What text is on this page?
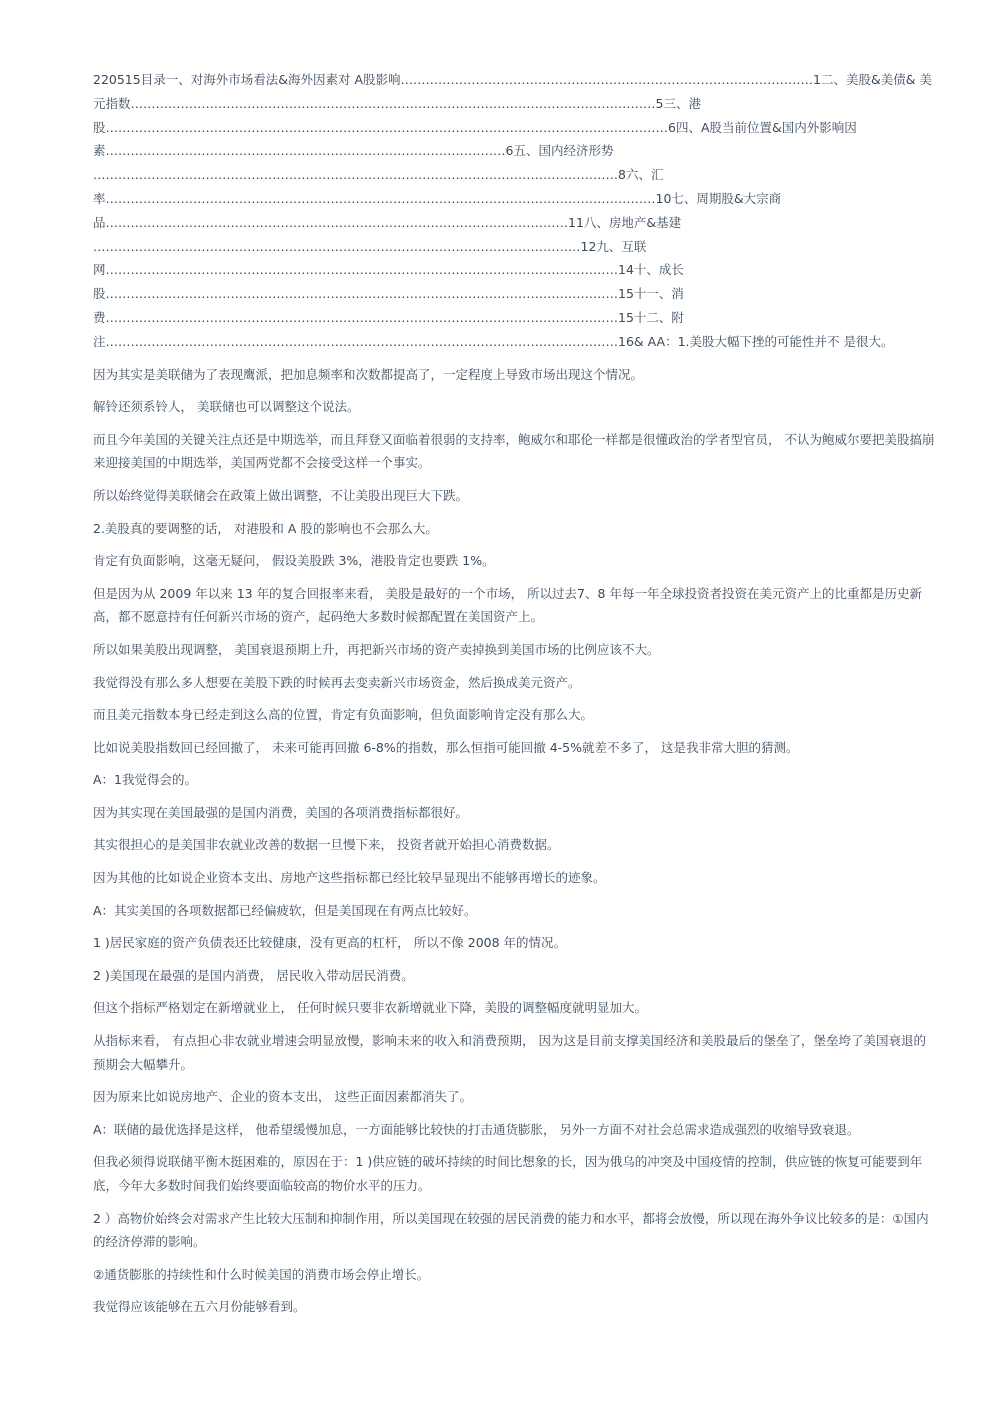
220515目录一、对海外市场看法&海外因素对 A股影响………………………………………………………………………………………1二、美股&美债& 美元指数………………………………………………………………………………………………………………5三、港 股………………………………………………………………………………………………………………………6四、A股当前位置&国内外影响因 素……………………………………………………………………………………6五、国内经济形势 ………………………………………………………………………………………………………………8六、汇 率……………………………………………………………………………………………………………………10七、周期股&大宗商 品…………………………………………………………………………………………………11八、房地产&基建 ………………………………………………………………………………………………………12九、互联 网……………………………………………………………………………………………………………14十、成长 股……………………………………………………………………………………………………………15十一、消 费……………………………………………………………………………………………………………15十二、附 注……………………………………………………………………………………………………………16& AA：1.美股大幅下挫的可能性并不 是很大。

因为其实是美联储为了表现鹰派，把加息频率和次数都提高了，一定程度上导致市场出现这个情况。

解铃还须系铃人， 美联储也可以调整这个说法。

而且今年美国的关键关注点还是中期选举，而且拜登又面临着很弱的支持率，鲍威尔和耶伦一样都是很懂政治的学者型官员， 不认为鲍威尔要把美股搞崩来迎接美国的中期选举，美国两党都不会接受这样一个事实。

所以始终觉得美联储会在政策上做出调整，不让美股出现巨大下跌。

2.美股真的要调整的话， 对港股和 A 股的影响也不会那么大。

肯定有负面影响，这毫无疑问， 假设美股跌 3%，港股肯定也要跌 1%。

但是因为从 2009 年以来 13 年的复合回报率来看， 美股是最好的一个市场， 所以过去7、8 年每一年全球投资者投资在美元资产上的比重都是历史新高，都不愿意持有任何新兴市场的资产，起码绝大多数时候都配置在美国资产上。

所以如果美股出现调整， 美国衰退预期上升，再把新兴市场的资产卖掉换到美国市场的比例应该不大。

我觉得没有那么多人想要在美股下跌的时候再去变卖新兴市场资金，然后换成美元资产。

而且美元指数本身已经走到这么高的位置，肯定有负面影响，但负面影响肯定没有那么大。

比如说美股指数回已经回撤了， 未来可能再回撤 6-8%的指数，那么恒指可能回撤 4-5%就差不多了， 这是我非常大胆的猜测。

A：1我觉得会的。

因为其实现在美国最强的是国内消费，美国的各项消费指标都很好。

其实很担心的是美国非农就业改善的数据一旦慢下来， 投资者就开始担心消费数据。

因为其他的比如说企业资本支出、房地产这些指标都已经比较早显现出不能够再增长的迹象。

A：其实美国的各项数据都已经偏疲软，但是美国现在有两点比较好。

1 )居民家庭的资产负债表还比较健康，没有更高的杠杆， 所以不像 2008 年的情况。

2 )美国现在最强的是国内消费， 居民收入带动居民消费。

但这个指标严格划定在新增就业上， 任何时候只要非农新增就业下降，美股的调整幅度就明显加大。

从指标来看， 有点担心非农就业增速会明显放慢，影响未来的收入和消费预期， 因为这是目前支撑美国经济和美股最后的堡垒了，堡垒垮了美国衰退的预期会大幅攀升。

因为原来比如说房地产、企业的资本支出， 这些正面因素都消失了。

A：联储的最优选择是这样， 他希望缓慢加息，一方面能够比较快的打击通货膨胀， 另外一方面不对社会总需求造成强烈的收缩导致衰退。

但我必须得说联储平衡木挺困难的，原因在于：1 )供应链的破坏持续的时间比想象的长，因为俄乌的冲突及中国疫情的控制，供应链的恢复可能要到年底，今年大多数时间我们始终要面临较高的物价水平的压力。

2 ）高物价始终会对需求产生比较大压制和抑制作用，所以美国现在较强的居民消费的能力和水平，都将会放慢，所以现在海外争议比较多的是：①国内的经济停滞的影响。

②通货膨胀的持续性和什么时候美国的消费市场会停止增长。

我觉得应该能够在五六月份能够看到。
